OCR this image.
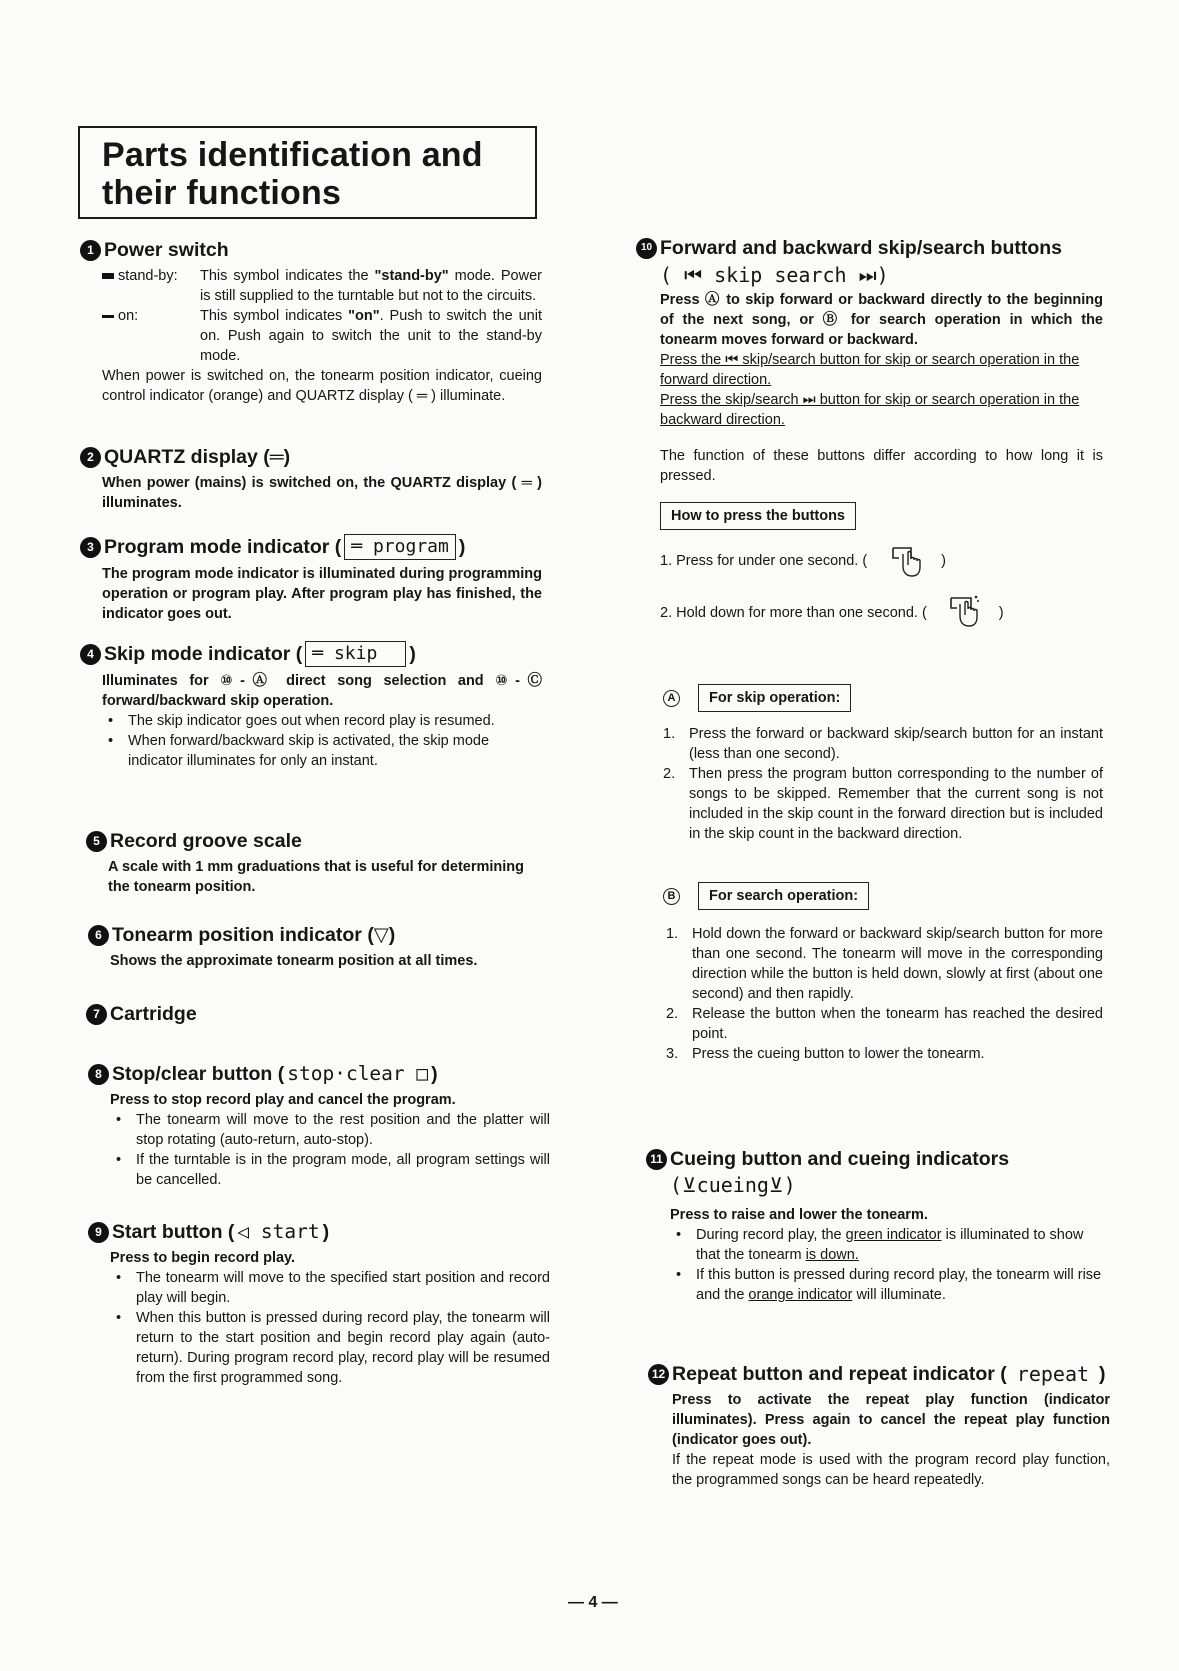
Parts identification and
their functions
1 Power switch
stand-by:	This symbol indicates the "stand-by" mode. Power is still supplied to the turntable but not to the circuits.
on:	This symbol indicates "on". Push to switch the unit on. Push again to switch the unit to the stand-by mode.
When power is switched on, the tonearm position indicator, cueing control indicator (orange) and QUARTZ display ( ═ ) illuminate.
2 QUARTZ display (═)
When power (mains) is switched on, the QUARTZ display ( ═ ) illuminates.
3 Program mode indicator ( ═ program )
The program mode indicator is illuminated during programming operation or program play. After program play has finished, the indicator goes out.
4 Skip mode indicator ( ═ skip	)
Illuminates for ⑩-Ⓐ direct song selection and ⑩-Ⓒ forward/backward skip operation.
•	The skip indicator goes out when record play is resumed.
•	When forward/backward skip is activated, the skip mode indicator illuminates for only an instant.
5 Record groove scale
A scale with 1 mm graduations that is useful for determining the tonearm position.
6 Tonearm position indicator (▽)
Shows the approximate tonearm position at all times.
7 Cartridge
8 Stop/clear button ( stop·clear □ )
Press to stop record play and cancel the program.
•	The tonearm will move to the rest position and the platter will stop rotating (auto-return, auto-stop).
•	If the turntable is in the program mode, all program settings will be cancelled.
9 Start button ( ◁ start )
Press to begin record play.
•	The tonearm will move to the specified start position and record play will begin.
•	When this button is pressed during record play, the tonearm will return to the start position and begin record play again (auto-return). During program record play, record play will be resumed from the first programmed song.
10 Forward and backward skip/search buttons
( ⏮ skip search ⏭)
Press Ⓐ to skip forward or backward directly to the beginning of the next song, or Ⓑ for search operation in which the tonearm moves forward or backward.
Press the ⏮ skip/search button for skip or search operation in the forward direction.
Press the skip/search ⏭ button for skip or search operation in the backward direction.
The function of these buttons differ according to how long it is pressed.
How to press the buttons
1. Press for under one second. (	)
2. Hold down for more than one second. (	)
A	For skip operation:
1. Press the forward or backward skip/search button for an instant (less than one second).
2. Then press the program button corresponding to the number of songs to be skipped. Remember that the current song is not included in the skip count in the forward direction but is included in the skip count in the backward direction.
B	For search operation:
1. Hold down the forward or backward skip/search button for more than one second. The tonearm will move in the corresponding direction while the button is held down, slowly at first (about one second) and then rapidly.
2. Release the button when the tonearm has reached the desired point.
3. Press the cueing button to lower the tonearm.
11 Cueing button and cueing indicators
(⊻cueing⊻)
Press to raise and lower the tonearm.
•	During record play, the green indicator is illuminated to show that the tonearm is down.
•	If this button is pressed during record play, the tonearm will rise and the orange indicator will illuminate.
12 Repeat button and repeat indicator ( repeat )
Press to activate the repeat play function (indicator illuminates). Press again to cancel the repeat play function (indicator goes out).
If the repeat mode is used with the program record play function, the programmed songs can be heard repeatedly.
— 4 —
